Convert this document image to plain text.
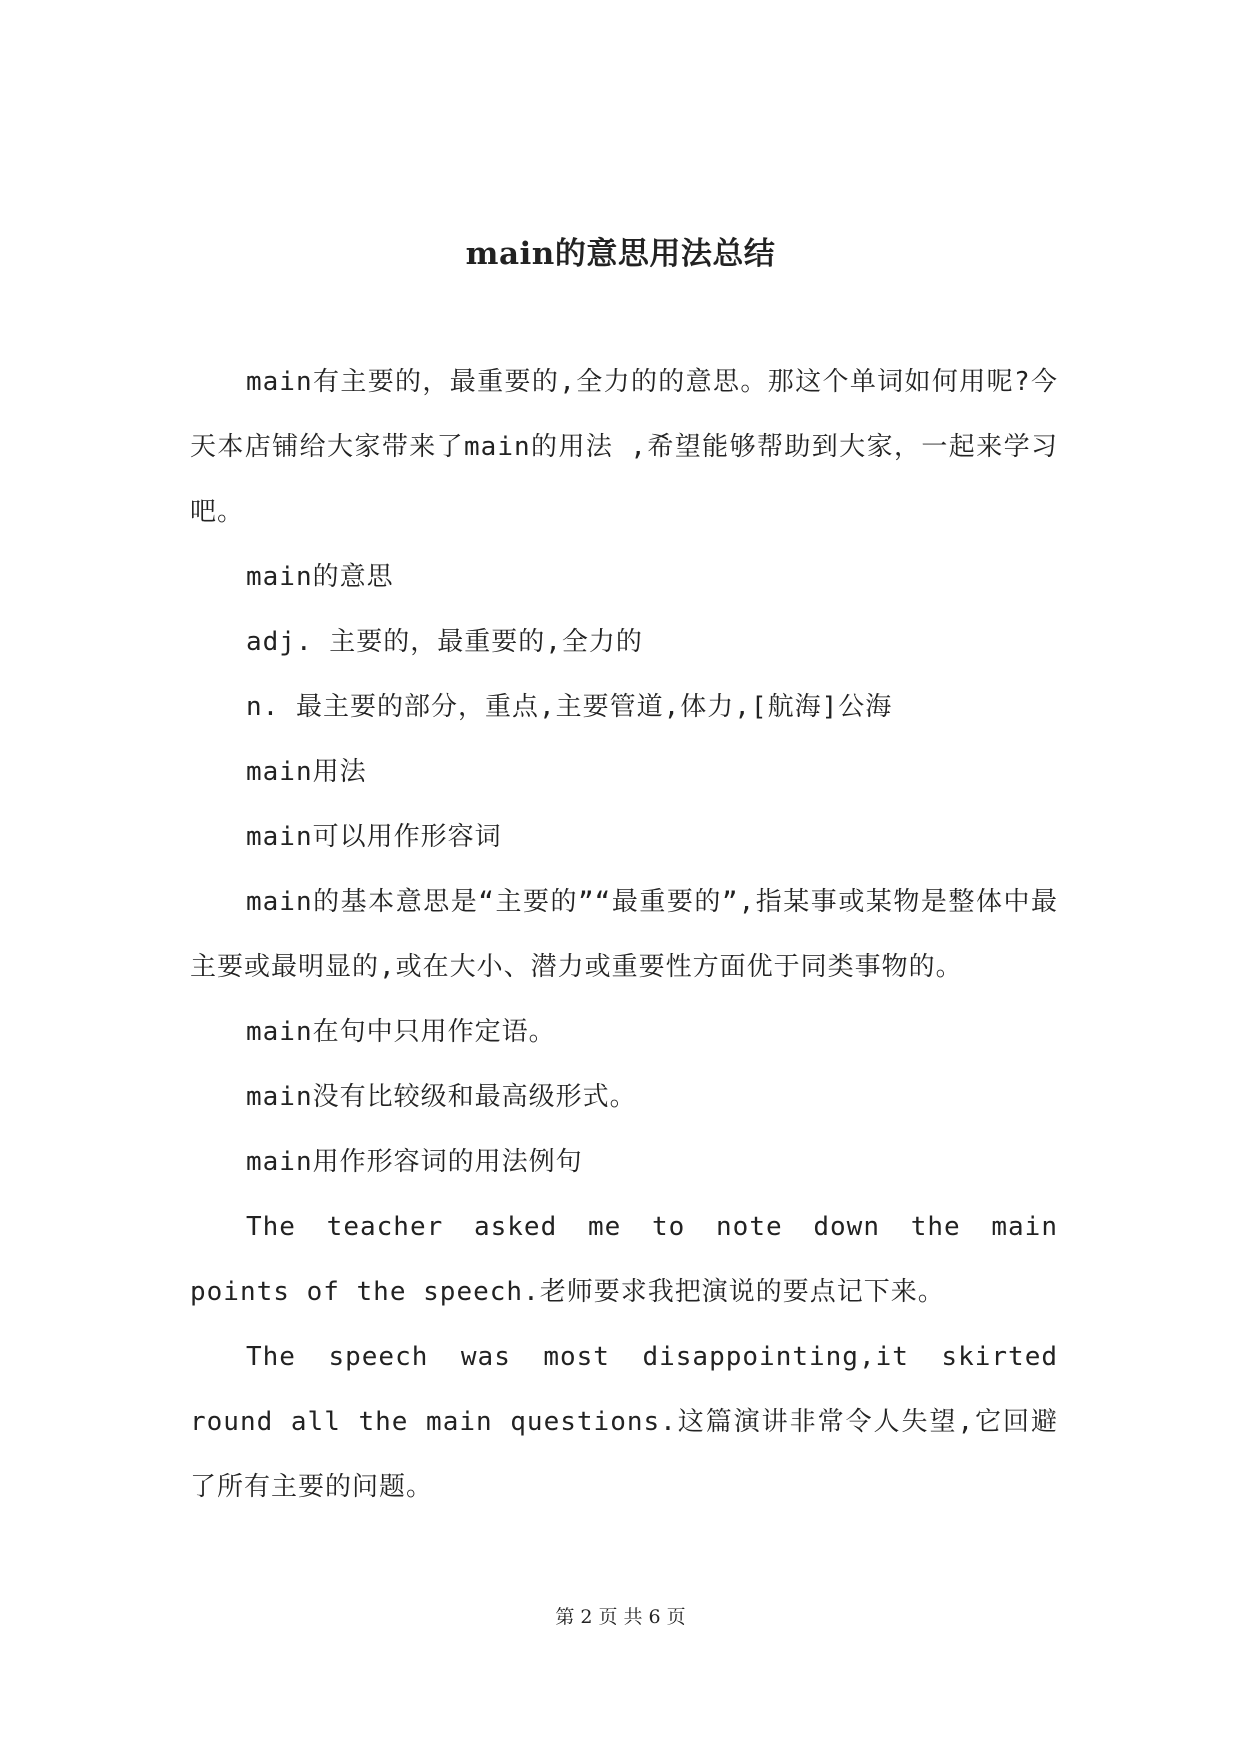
main的意思用法总结

main有主要的，最重要的,全力的的意思。那这个单词如何用呢?今天本店铺给大家带来了main的用法 ,希望能够帮助到大家，一起来学习吧。

main的意思

adj. 主要的，最重要的,全力的

n. 最主要的部分，重点,主要管道,体力,[航海]公海

main用法

main可以用作形容词

main的基本意思是“主要的”“最重要的”,指某事或某物是整体中最主要或最明显的,或在大小、潜力或重要性方面优于同类事物的。

main在句中只用作定语。

main没有比较级和最高级形式。

main用作形容词的用法例句

The teacher asked me to note down the main points of the speech.老师要求我把演说的要点记下来。

The speech was most disappointing,it skirted round all the main questions.这篇演讲非常令人失望,它回避了所有主要的问题。

第 2 页 共 6 页
